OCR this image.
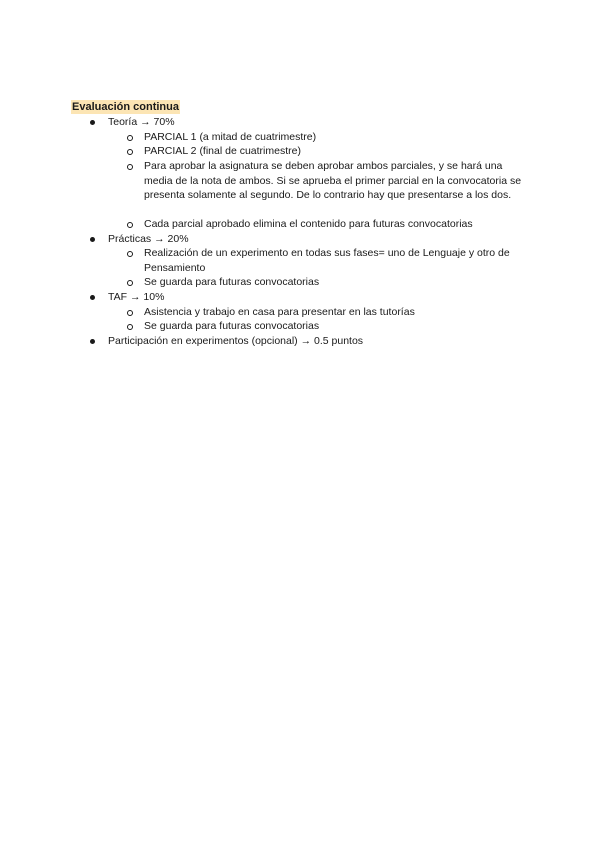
Evaluación continua
Teoría → 70%
PARCIAL 1 (a mitad de cuatrimestre)
PARCIAL 2 (final de cuatrimestre)
Para aprobar la asignatura se deben aprobar ambos parciales, y se hará una media de la nota de ambos. Si se aprueba el primer parcial en la convocatoria se presenta solamente al segundo. De lo contrario hay que presentarse a los dos.
Cada parcial aprobado elimina el contenido para futuras convocatorias
Prácticas → 20%
Realización de un experimento en todas sus fases= uno de Lenguaje y otro de Pensamiento
Se guarda para futuras convocatorias
TAF → 10%
Asistencia y trabajo en casa para presentar en las tutorías
Se guarda para futuras convocatorias
Participación en experimentos (opcional) → 0.5 puntos
